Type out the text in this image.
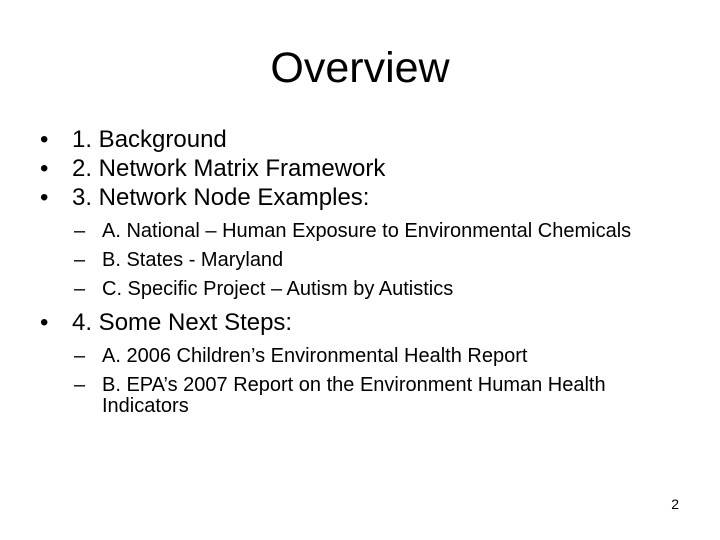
Overview
• 1. Background
• 2. Network Matrix Framework
• 3. Network Node Examples:
– A. National – Human Exposure to Environmental Chemicals
– B. States - Maryland
– C. Specific Project – Autism by Autistics
• 4. Some Next Steps:
– A. 2006 Children’s Environmental Health Report
– B. EPA’s 2007 Report on the Environment Human Health Indicators
2
